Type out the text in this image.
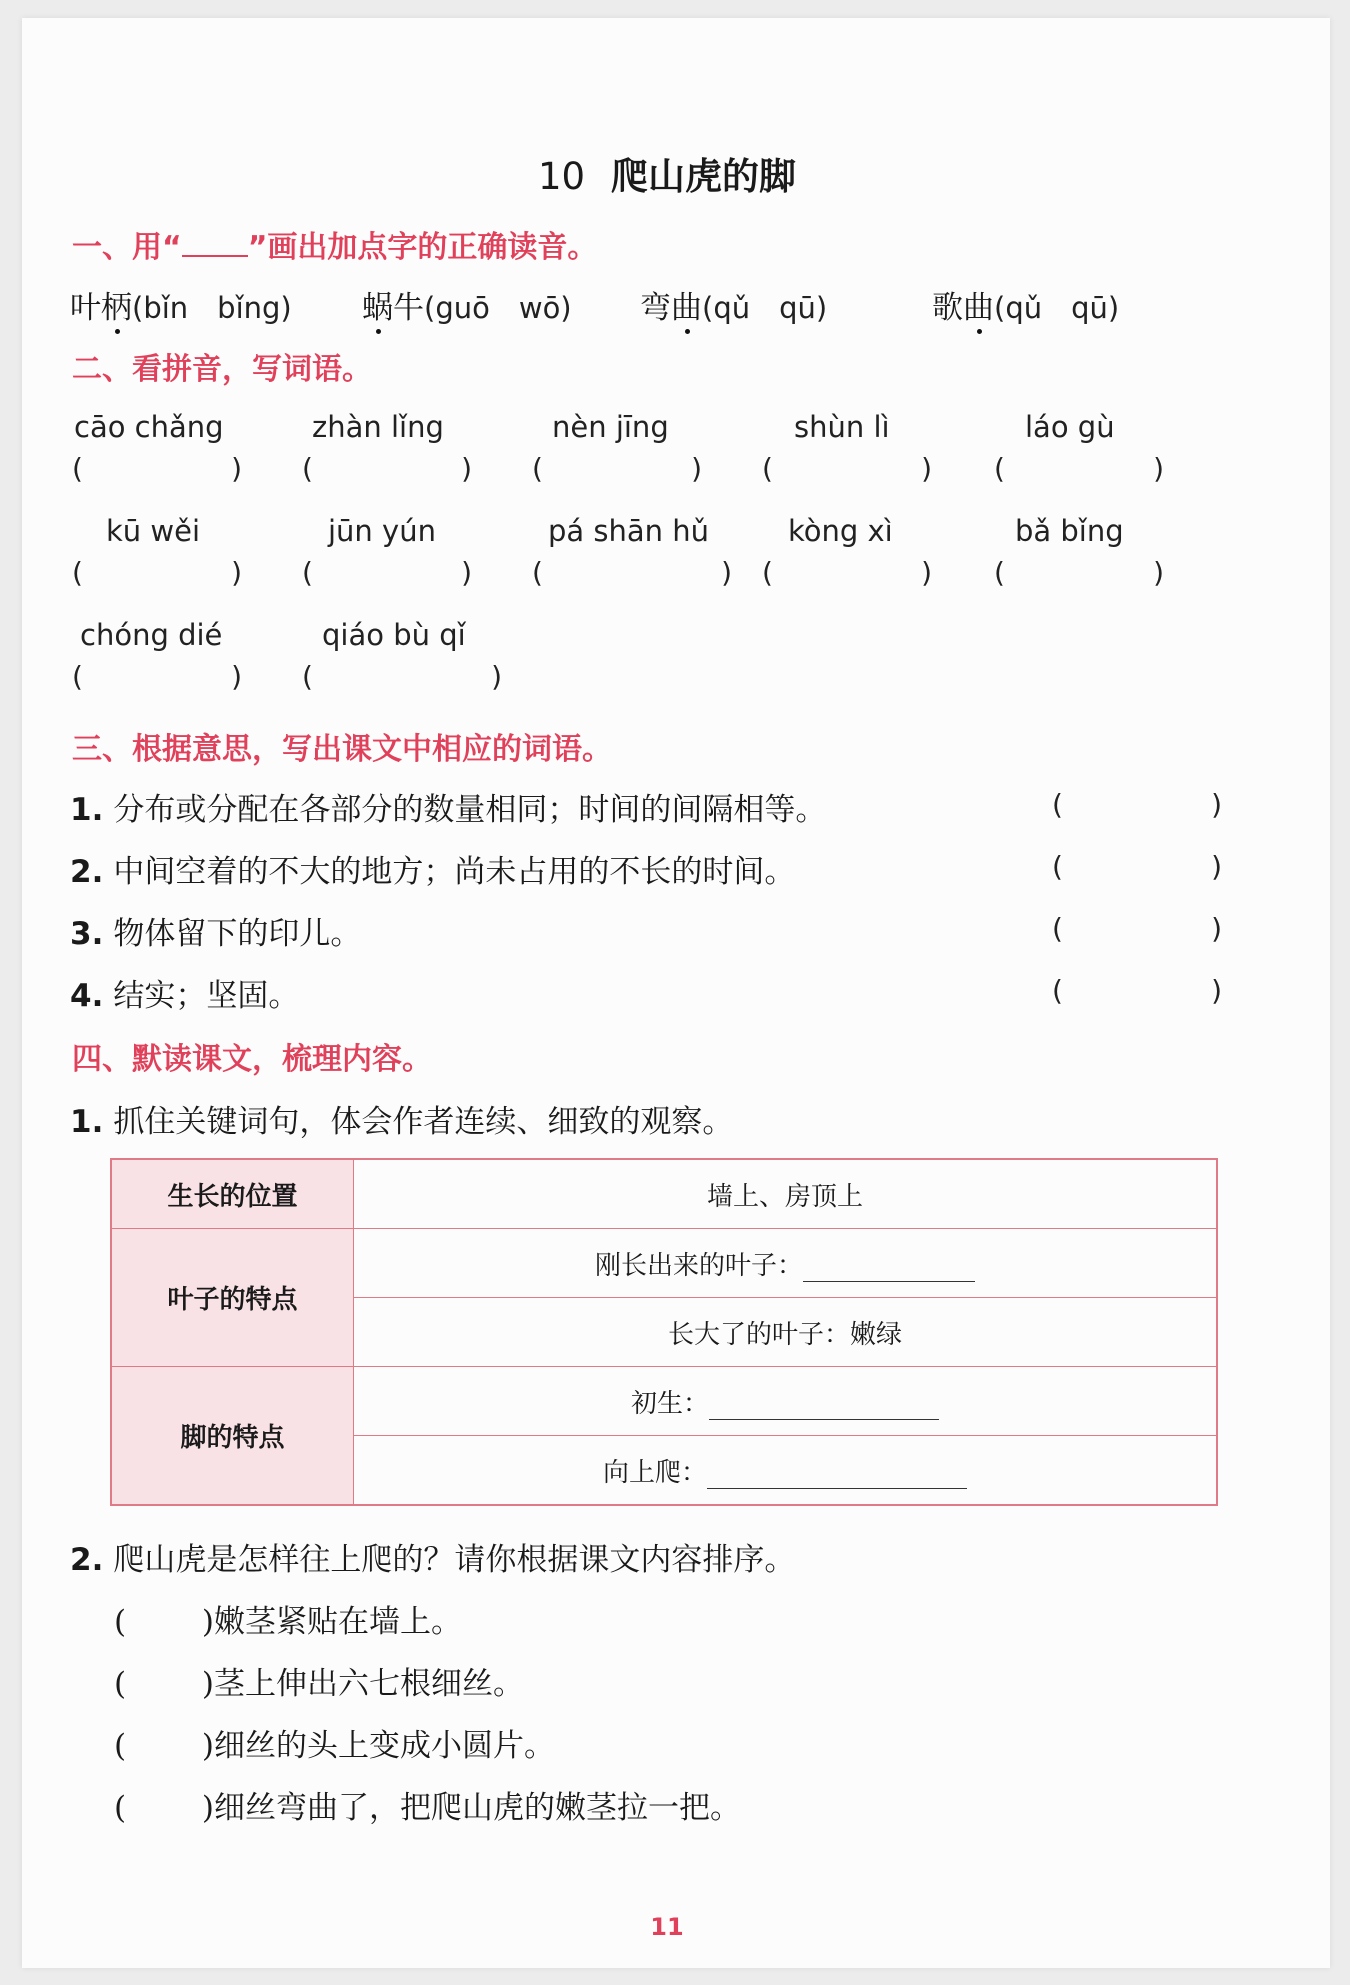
10 爬山虎的脚
一、用“ ”画出加点字的正确读音。
叶柄(bǐn　bǐng) 蜗牛(guō　wō) 弯曲(qǔ　qū)	歌曲(qǔ　qū)
二、看拼音，写词语。
cāo chǎng	zhàn lǐng	nèn jīng	shùn lì	láo gù
(	) (	) (	) (	) (	)
kū wěi	jūn yún	pá shān hǔ	kòng xì	bǎ bǐng
(	) (	) (	) (	) (	)
chóng dié	qiáo bù qǐ
(	) (	)
三、根据意思，写出课文中相应的词语。
1. 分布或分配在各部分的数量相同；时间的间隔相等。	(	)
2. 中间空着的不大的地方；尚未占用的不长的时间。	(	)
3. 物体留下的印儿。	(	)
4. 结实；坚固。	(	)
四、默读课文，梳理内容。
1. 抓住关键词句，体会作者连续、细致的观察。
生长的位置	墙上、房顶上
叶子的特点	刚长出来的叶子：
	长大了的叶子：嫩绿
脚的特点	初生：
	向上爬：
2. 爬山虎是怎样往上爬的？请你根据课文内容排序。
( ) 嫩茎紧贴在墙上。
( ) 茎上伸出六七根细丝。
( ) 细丝的头上变成小圆片。
( ) 细丝弯曲了，把爬山虎的嫩茎拉一把。
11
